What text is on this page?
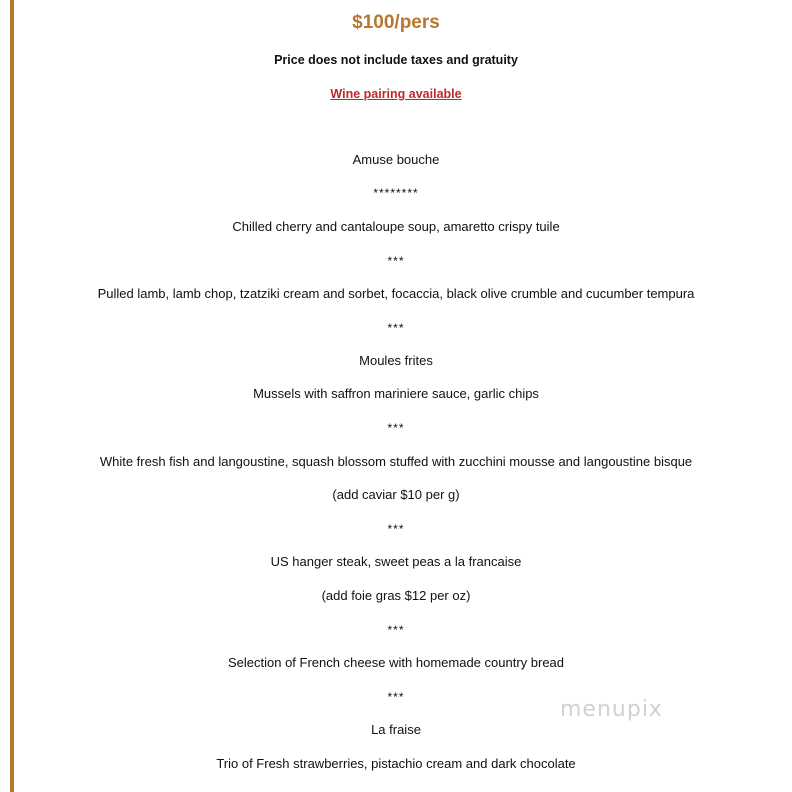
$100/pers
Price does not include taxes and gratuity
Wine pairing available
Amuse bouche
********
Chilled cherry and cantaloupe soup, amaretto crispy tuile
***
Pulled lamb, lamb chop, tzatziki cream and sorbet, focaccia, black olive crumble and cucumber tempura
***
Moules frites
Mussels with saffron mariniere sauce, garlic chips
***
White fresh fish and langoustine, squash blossom stuffed with zucchini mousse and langoustine bisque
(add caviar $10 per g)
***
US hanger steak, sweet peas a la francaise
(add foie gras $12 per oz)
***
Selection of French cheese with homemade country bread
***
La fraise
Trio of Fresh strawberries, pistachio cream and dark chocolate
menupix
